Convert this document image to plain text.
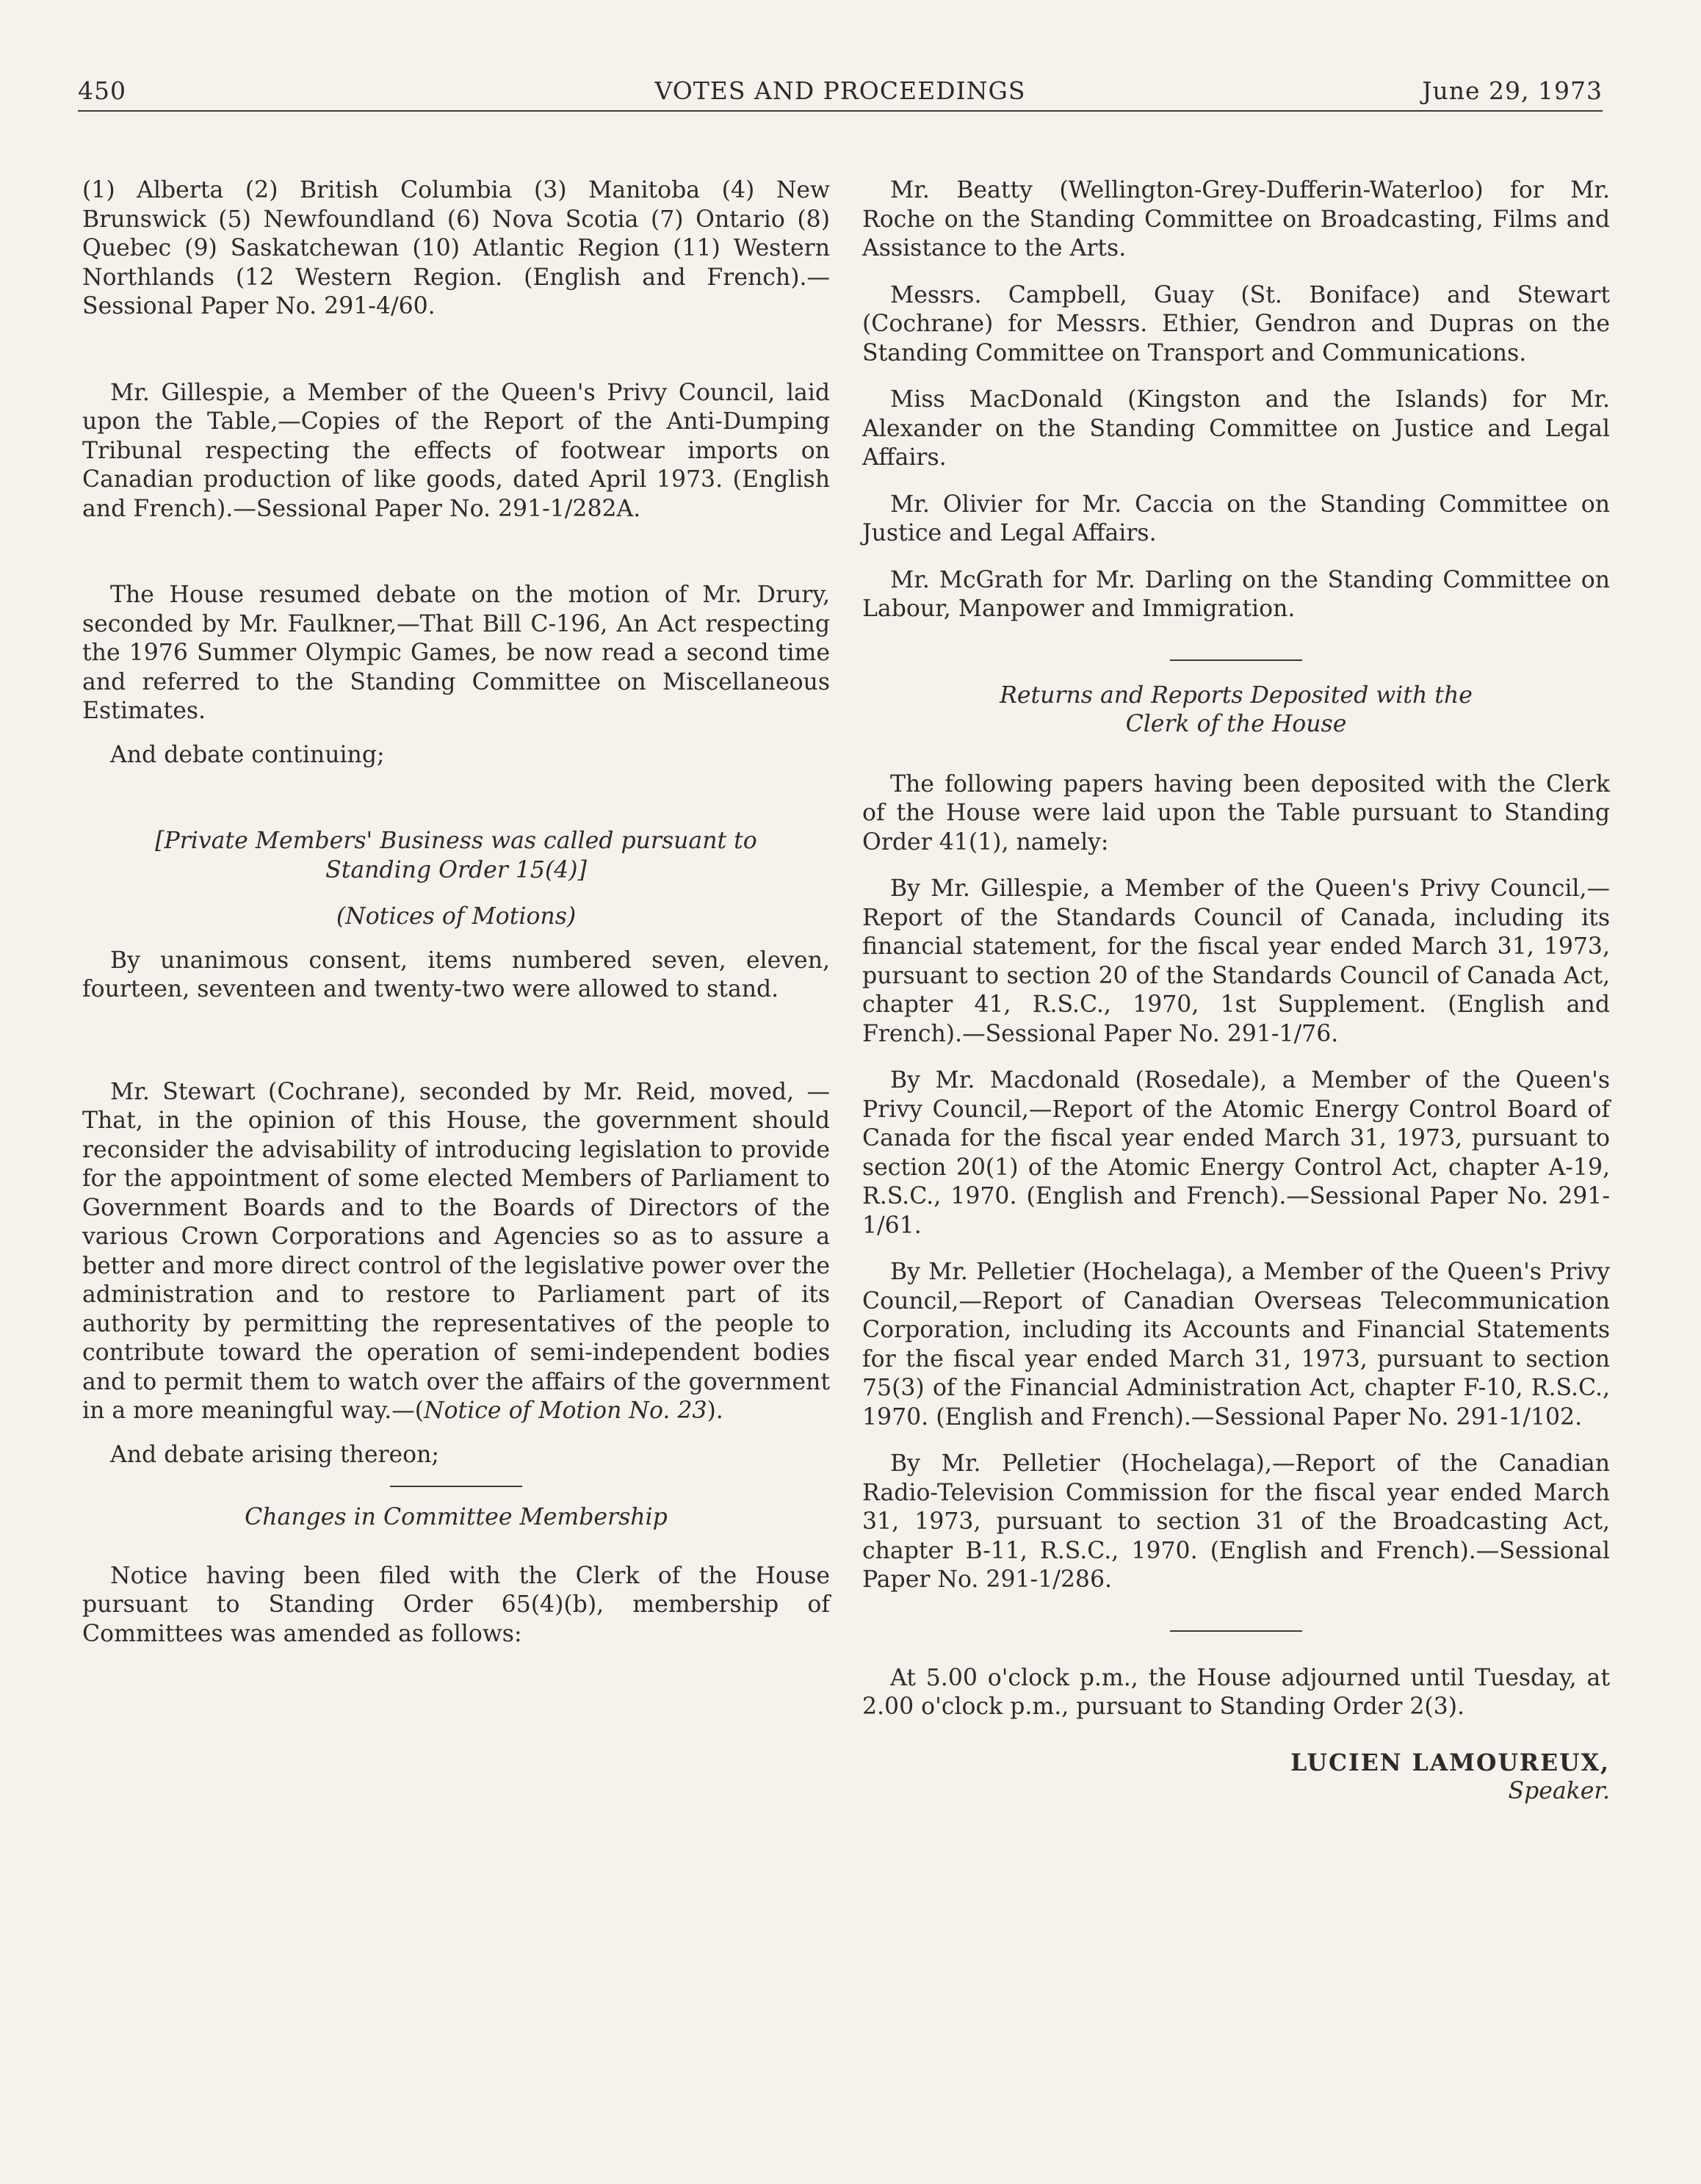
450	VOTES AND PROCEEDINGS	June 29, 1973

(1) Alberta (2) British Columbia (3) Manitoba (4) New Brunswick (5) Newfoundland (6) Nova Scotia (7) Ontario (8) Quebec (9) Saskatchewan (10) Atlantic Region (11) Western Northlands (12 Western Region. (English and French).—Sessional Paper No. 291-4/60.

Mr. Gillespie, a Member of the Queen's Privy Council, laid upon the Table,—Copies of the Report of the Anti-Dumping Tribunal respecting the effects of footwear imports on Canadian production of like goods, dated April 1973. (English and French).—Sessional Paper No. 291-1/282A.

The House resumed debate on the motion of Mr. Drury, seconded by Mr. Faulkner,—That Bill C-196, An Act respecting the 1976 Summer Olympic Games, be now read a second time and referred to the Standing Committee on Miscellaneous Estimates.

And debate continuing;

[Private Members' Business was called pursuant to

Standing Order 15(4)]

(Notices of Motions)

By unanimous consent, items numbered seven, eleven, fourteen, seventeen and twenty-two were allowed to stand.

Mr. Stewart (Cochrane), seconded by Mr. Reid, moved, —That, in the opinion of this House, the government should reconsider the advisability of introducing legislation to provide for the appointment of some elected Members of Parliament to Government Boards and to the Boards of Directors of the various Crown Corporations and Agencies so as to assure a better and more direct control of the legislative power over the administration and to restore to Parliament part of its authority by permitting the representatives of the people to contribute toward the operation of semi-independent bodies and to permit them to watch over the affairs of the government in a more meaningful way.—(Notice of Motion No. 23).

And debate arising thereon;

Changes in Committee Membership

Notice having been filed with the Clerk of the House pursuant to Standing Order 65(4)(b), membership of Committees was amended as follows:

Mr. Beatty (Wellington-Grey-Dufferin-Waterloo) for Mr. Roche on the Standing Committee on Broadcasting, Films and Assistance to the Arts.

Messrs. Campbell, Guay (St. Boniface) and Stewart (Cochrane) for Messrs. Ethier, Gendron and Dupras on the Standing Committee on Transport and Communications.

Miss MacDonald (Kingston and the Islands) for Mr. Alexander on the Standing Committee on Justice and Legal Affairs.

Mr. Olivier for Mr. Caccia on the Standing Committee on Justice and Legal Affairs.

Mr. McGrath for Mr. Darling on the Standing Committee on Labour, Manpower and Immigration.

Returns and Reports Deposited with the

Clerk of the House

The following papers having been deposited with the Clerk of the House were laid upon the Table pursuant to Standing Order 41(1), namely:

By Mr. Gillespie, a Member of the Queen's Privy Council,—Report of the Standards Council of Canada, including its financial statement, for the fiscal year ended March 31, 1973, pursuant to section 20 of the Standards Council of Canada Act, chapter 41, R.S.C., 1970, 1st Supplement. (English and French).—Sessional Paper No. 291-1/76.

By Mr. Macdonald (Rosedale), a Member of the Queen's Privy Council,—Report of the Atomic Energy Control Board of Canada for the fiscal year ended March 31, 1973, pursuant to section 20(1) of the Atomic Energy Control Act, chapter A-19, R.S.C., 1970. (English and French).—Sessional Paper No. 291-1/61.

By Mr. Pelletier (Hochelaga), a Member of the Queen's Privy Council,—Report of Canadian Overseas Telecommunication Corporation, including its Accounts and Financial Statements for the fiscal year ended March 31, 1973, pursuant to section 75(3) of the Financial Administration Act, chapter F-10, R.S.C., 1970. (English and French).—Sessional Paper No. 291-1/102.

By Mr. Pelletier (Hochelaga),—Report of the Canadian Radio-Television Commission for the fiscal year ended March 31, 1973, pursuant to section 31 of the Broadcasting Act, chapter B-11, R.S.C., 1970. (English and French).—Sessional Paper No. 291-1/286.

At 5.00 o'clock p.m., the House adjourned until Tuesday, at 2.00 o'clock p.m., pursuant to Standing Order 2(3).

LUCIEN LAMOUREUX,

Speaker.
